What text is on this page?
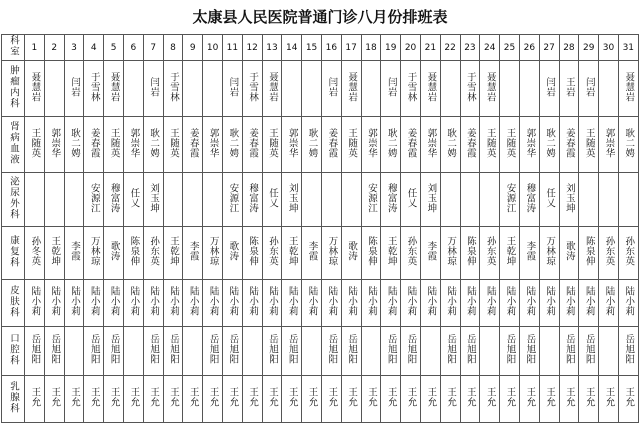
太康县人民医院普通门诊八月份排班表
科室	1	2	3	4	5	6	7	8	9	10	11	12	13	14	15	16	17	18	19	20	21	22	23	24	25	26	27	28	29	30	31
肿瘤内科	聂慧岩		闫岩	于雪林	聂慧岩		闫岩	于雪林			闫岩	于雪林	聂慧岩			闫岩	聂慧岩		闫岩	于雪林	聂慧岩		于雪林	聂慧岩			闫岩	王岩	闫岩		聂慧岩
肾病血液	王随英	郭崇华	耿二娉	姜春霞	王随英	郭崇华	耿二娉	王随英	姜春霞	郭崇华	耿二娉	姜春霞	王随英	郭崇华	耿二娉	姜春霞	王随英	郭崇华	耿二娉	姜春霞	郭崇华	耿二娉	姜春霞	王随英	王随英	郭崇华	耿二娉	姜春霞	王随英	郭崇华	耿二娉
泌尿外科				安源江	穆富涛	任乂	刘玉坤				安源江	穆富涛	任乂	刘玉坤				安源江	穆富涛	任乂	刘玉坤				安源江	穆富涛	任乂	刘玉坤			
康复科	孙冬英	王乾坤	李霞	万林琼	歌涛	陈泉伸	孙东英	王乾坤	李霞	万林琼	歌涛	陈泉伸	孙东英	王乾坤	李霞	万林琼	歌涛	陈泉伸	王乾坤	孙东英	李霞	万林琼	陈泉伸	孙东英	王乾坤	李霞	万林琼	歌涛	陈泉伸	孙东英	孙东英
皮肤科	陆小莉	陆小莉	陆小莉	陆小莉	陆小莉	陆小莉	陆小莉	陆小莉	陆小莉	陆小莉	陆小莉	陆小莉	陆小莉	陆小莉	陆小莉	陆小莉	陆小莉	陆小莉	陆小莉	陆小莉	陆小莉	陆小莉	陆小莉	陆小莉	陆小莉	陆小莉	陆小莉	陆小莉	陆小莉	陆小莉	陆小莉
口腔科	岳旭阳	岳旭阳		岳旭阳	岳旭阳		岳旭阳	岳旭阳		岳旭阳	岳旭阳		岳旭阳	岳旭阳		岳旭阳	岳旭阳		岳旭阳	岳旭阳		岳旭阳	岳旭阳		岳旭阳	岳旭阳		岳旭阳	岳旭阳		岳旭阳
乳腺科	王允	王允	王允	王允	王允	王允	王允	王允	王允	王允	王允	王允	王允	王允	王允	王允	王允	王允	王允	王允	王允	王允	王允	王允	王允	王允	王允	王允	王允	王允	王允
